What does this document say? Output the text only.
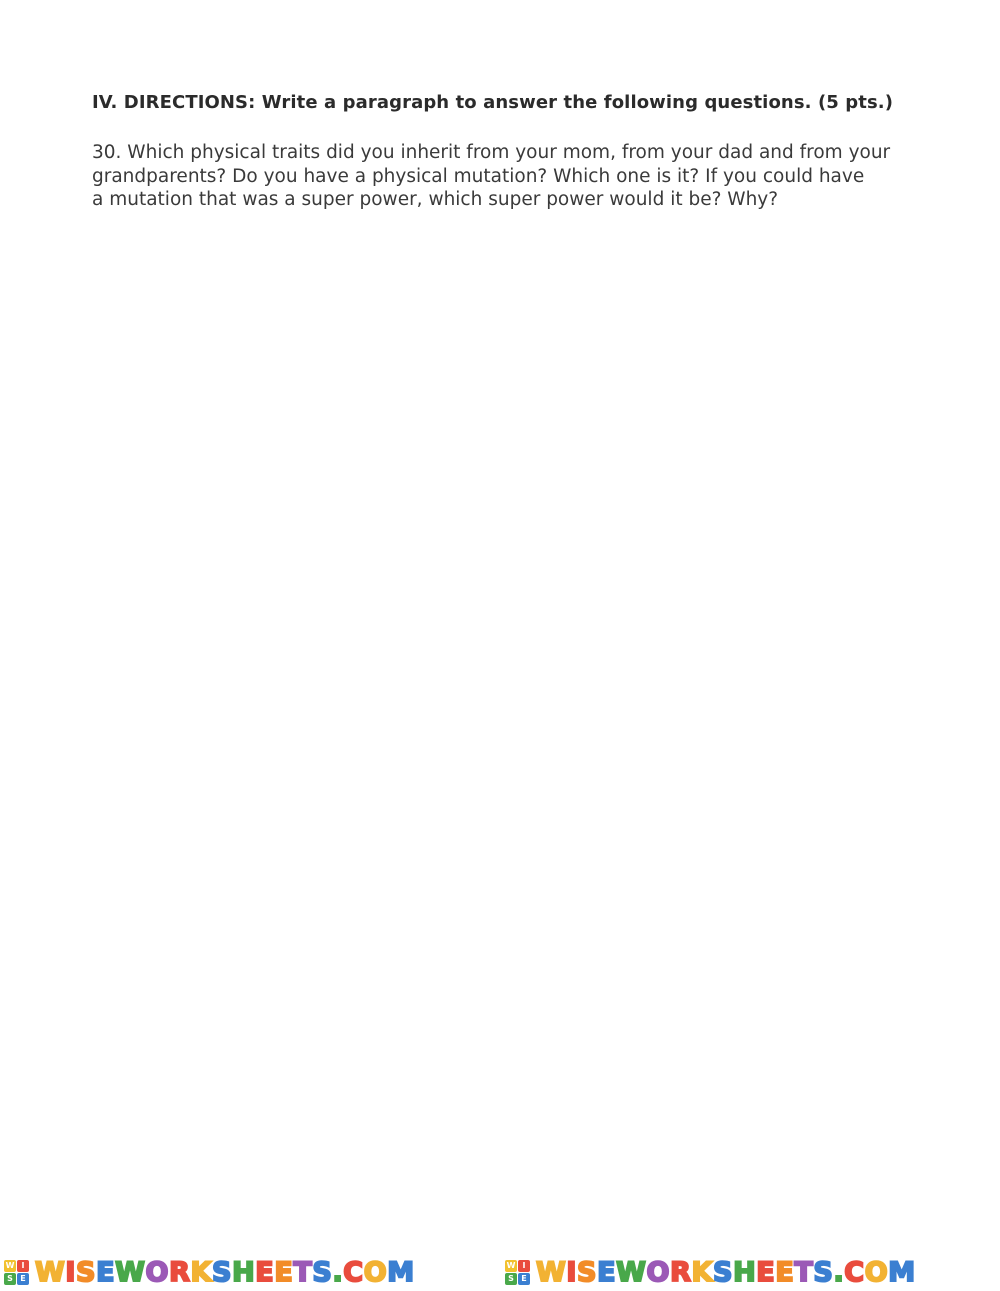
IV. DIRECTIONS: Write a paragraph to answer the following questions. (5 pts.)

30. Which physical traits did you inherit from your mom, from your dad and from your
grandparents? Do you have a physical mutation? Which one is it? If you could have
a mutation that was a super power, which super power would it be? Why?

W I
S E W I S E W O R K S H E E T S . C O M	W I
S E W I S E W O R K S H E E T S . C O M
